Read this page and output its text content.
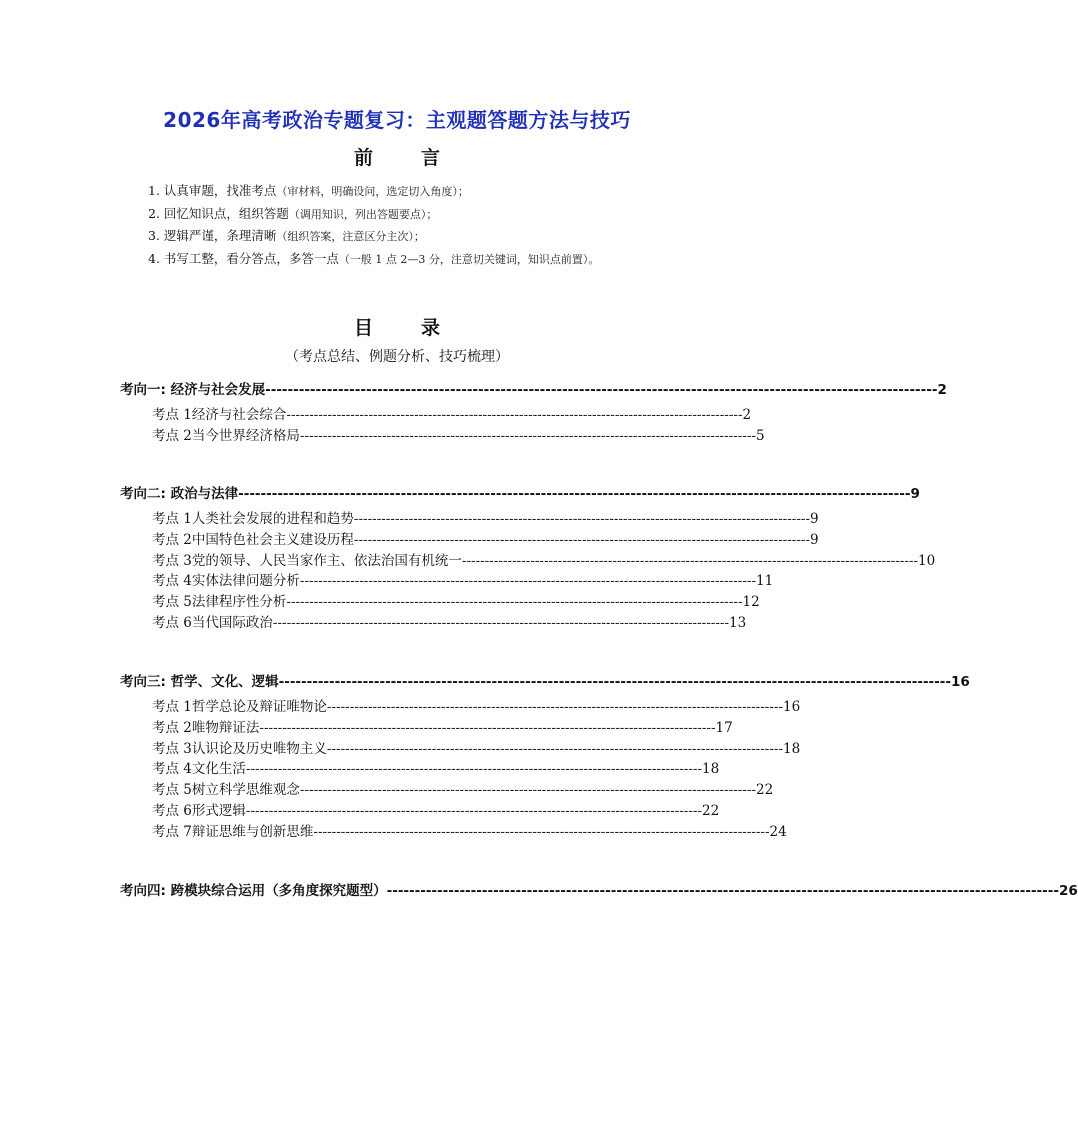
2026年高考政治专题复习：主观题答题方法与技巧
前	言
1. 认真审题，找准考点（审材料，明确设问，选定切入角度）；
2. 回忆知识点，组织答题（调用知识，列出答题要点）；
3. 逻辑严谨，条理清晰（组织答案，注意区分主次）；
4. 书写工整，看分答点，多答一点（一般 1 点 2—3 分，注意切关键词，知识点前置）。
目	录
（考点总结、例题分析、技巧梳理）
考向一: 经济与社会发展 ------------------------------------------------------------------------------------------------------------------------ 2
考点 1 经济与社会综合 ---------------------------------------------------------------------------------------------------- 2
考点 2 当今世界经济格局 ---------------------------------------------------------------------------------------------------- 5
考向二: 政治与法律 ------------------------------------------------------------------------------------------------------------------------ 9
考点 1 人类社会发展的进程和趋势 ---------------------------------------------------------------------------------------------------- 9
考点 2 中国特色社会主义建设历程 ---------------------------------------------------------------------------------------------------- 9
考点 3 党的领导、人民当家作主、依法治国有机统一 ---------------------------------------------------------------------------------------------------- 10
考点 4 实体法律问题分析 ---------------------------------------------------------------------------------------------------- 11
考点 5 法律程序性分析 ---------------------------------------------------------------------------------------------------- 12
考点 6 当代国际政治 ---------------------------------------------------------------------------------------------------- 13
考向三: 哲学、文化、逻辑 ------------------------------------------------------------------------------------------------------------------------ 16
考点 1 哲学总论及辩证唯物论 ---------------------------------------------------------------------------------------------------- 16
考点 2 唯物辩证法 ---------------------------------------------------------------------------------------------------- 17
考点 3 认识论及历史唯物主义 ---------------------------------------------------------------------------------------------------- 18
考点 4 文化生活 ---------------------------------------------------------------------------------------------------- 18
考点 5 树立科学思维观念 ---------------------------------------------------------------------------------------------------- 22
考点 6 形式逻辑 ---------------------------------------------------------------------------------------------------- 22
考点 7 辩证思维与创新思维 ---------------------------------------------------------------------------------------------------- 24
考向四: 跨模块综合运用（多角度探究题型） ------------------------------------------------------------------------------------------------------------------------ 26
